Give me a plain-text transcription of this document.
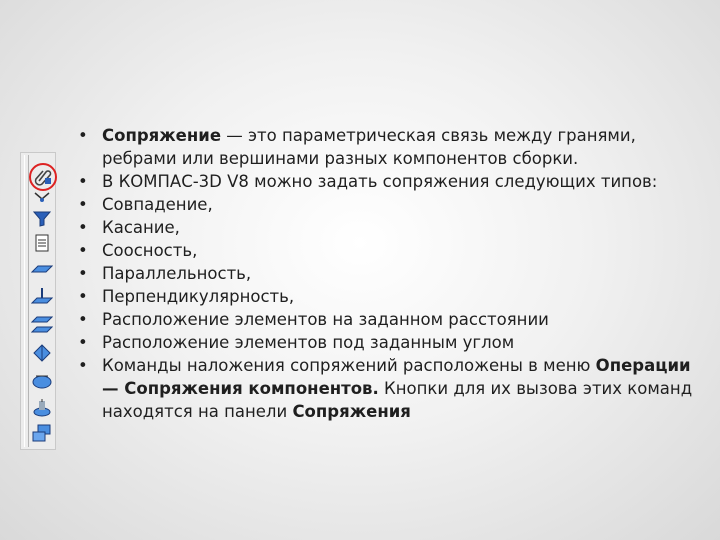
• Сопряжение — это параметрическая связь между гранями, ребрами или вершинами разных компонентов сборки.
• В КОМПАС-3D V8 можно задать сопряжения следующих типов:
• Совпадение,
• Касание,
• Соосность,
• Параллельность,
• Перпендикулярность,
• Расположение элементов на заданном расстоянии
• Расположение элементов под заданным углом
• Команды наложения сопряжений расположены в меню Операции — Сопряжения компонентов. Кнопки для их вызова этих команд находятся на панели Сопряжения
